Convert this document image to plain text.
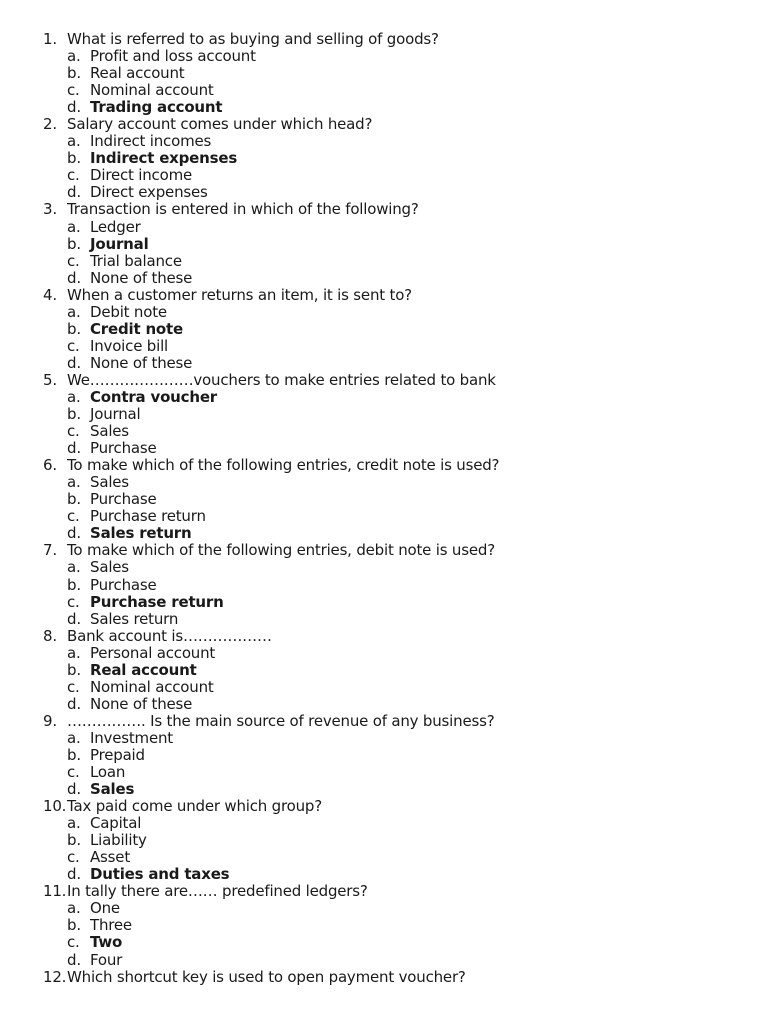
1. What is referred to as buying and selling of goods?
a. Profit and loss account
b. Real account
c. Nominal account
d. Trading account
2. Salary account comes under which head?
a. Indirect incomes
b. Indirect expenses
c. Direct income
d. Direct expenses
3. Transaction is entered in which of the following?
a. Ledger
b. Journal
c. Trial balance
d. None of these
4. When a customer returns an item, it is sent to?
a. Debit note
b. Credit note
c. Invoice bill
d. None of these
5. We…………………vouchers to make entries related to bank
a. Contra voucher
b. Journal
c. Sales
d. Purchase
6. To make which of the following entries, credit note is used?
a. Sales
b. Purchase
c. Purchase return
d. Sales return
7. To make which of the following entries, debit note is used?
a. Sales
b. Purchase
c. Purchase return
d. Sales return
8. Bank account is………………
a. Personal account
b. Real account
c. Nominal account
d. None of these
9. ……………. Is the main source of revenue of any business?
a. Investment
b. Prepaid
c. Loan
d. Sales
10. Tax paid come under which group?
a. Capital
b. Liability
c. Asset
d. Duties and taxes
11. In tally there are…… predefined ledgers?
a. One
b. Three
c. Two
d. Four
12. Which shortcut key is used to open payment voucher?
